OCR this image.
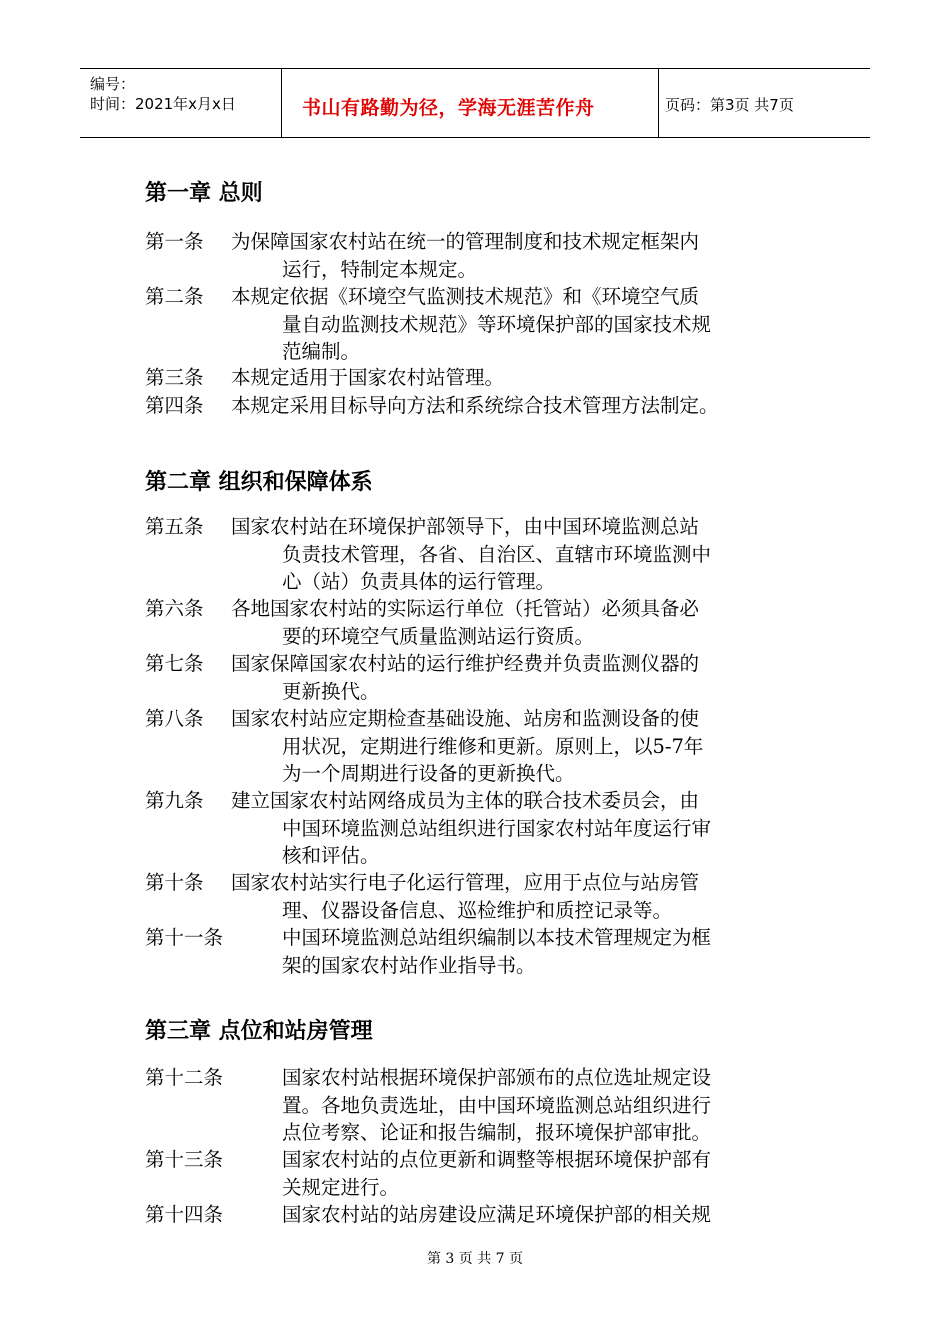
编号：
时间：2021年x月x日	书山有路勤为径，学海无涯苦作舟	页码：第3页 共7页
第一章 总则
第一条	为保障国家农村站在统一的管理制度和技术规定框架内
运行，特制定本规定。
第二条	本规定依据《环境空气监测技术规范》和《环境空气质
量自动监测技术规范》等环境保护部的国家技术规
范编制。
第三条	本规定适用于国家农村站管理。
第四条	本规定采用目标导向方法和系统综合技术管理方法制定。
第二章 组织和保障体系
第五条	国家农村站在环境保护部领导下，由中国环境监测总站
负责技术管理，各省、自治区、直辖市环境监测中
心（站）负责具体的运行管理。
第六条	各地国家农村站的实际运行单位（托管站）必须具备必
要的环境空气质量监测站运行资质。
第七条	国家保障国家农村站的运行维护经费并负责监测仪器的
更新换代。
第八条	国家农村站应定期检查基础设施、站房和监测设备的使
用状况，定期进行维修和更新。原则上，以5-7年
为一个周期进行设备的更新换代。
第九条	建立国家农村站网络成员为主体的联合技术委员会，由
中国环境监测总站组织进行国家农村站年度运行审
核和评估。
第十条	国家农村站实行电子化运行管理，应用于点位与站房管
理、仪器设备信息、巡检维护和质控记录等。
第十一条	中国环境监测总站组织编制以本技术管理规定为框
架的国家农村站作业指导书。
第三章 点位和站房管理
第十二条	国家农村站根据环境保护部颁布的点位选址规定设
置。各地负责选址，由中国环境监测总站组织进行
点位考察、论证和报告编制，报环境保护部审批。
第十三条	国家农村站的点位更新和调整等根据环境保护部有
关规定进行。
第十四条	国家农村站的站房建设应满足环境保护部的相关规
第 3 页 共 7 页
